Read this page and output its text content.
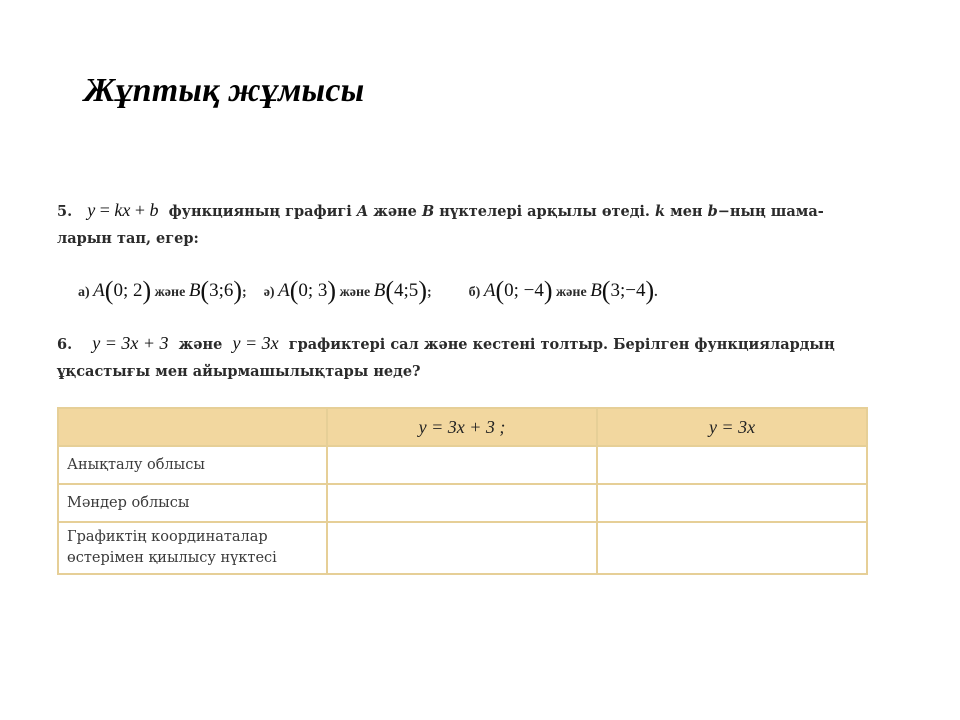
Жұптық жұмысы
5. y = kx + b функцияның графигі A және B нүктелері арқылы өтеді. k мен b−ның шама-
ларын тап, егер:
а) A(0; 2) және B(3;6); ә) A(0; 3) және B(4;5);	б) A(0; −4) және B(3;−4).
6. y = 3x + 3 және y = 3x графиктері сал және кестені толтыр. Берілген функциялардың
ұқсастығы мен айырмашылықтары неде?
	y = 3x + 3 ;	y = 3x
Анықталу облысы		
Мәндер облысы		
Графиктің координаталар
өстерімен қиылысу нүктесі		
